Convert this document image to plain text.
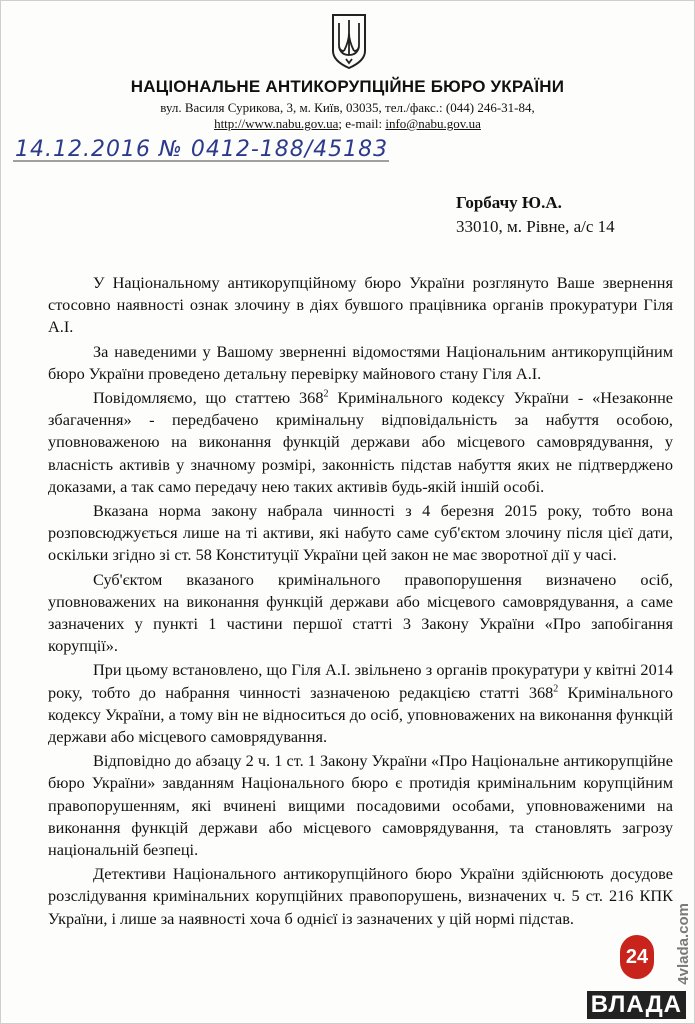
НАЦІОНАЛЬНЕ АНТИКОРУПЦІЙНЕ БЮРО УКРАЇНИ
вул. Василя Сурикова, 3, м. Київ, 03035, тел./факс.: (044) 246-31-84,
http://www.nabu.gov.ua; e-mail: info@nabu.gov.ua
14.12.2016 № 0412-188/45183
Горбачу Ю.А.
33010, м. Рівне, а/с 14

У Національному антикорупційному бюро України розглянуто Ваше звернення стосовно наявності ознак злочину в діях бувшого працівника органів прокуратури Гіля А.І.

За наведеними у Вашому зверненні відомостями Національним антикорупційним бюро України проведено детальну перевірку майнового стану Гіля А.І.

Повідомляємо, що статтею $368^2$ Кримінального кодексу України - «Незаконне збагачення» - передбачено кримінальну відповідальність за набуття особою, уповноваженою на виконання функцій держави або місцевого самоврядування, у власність активів у значному розмірі, законність підстав набуття яких не підтверджено доказами, а так само передачу нею таких активів будь-якій іншій особі.

Вказана норма закону набрала чинності з 4 березня 2015 року, тобто вона розповсюджується лише на ті активи, які набуто саме суб'єктом злочину після цієї дати, оскільки згідно зі ст. 58 Конституції України цей закон не має зворотної дії у часі.

Суб'єктом вказаного кримінального правопорушення визначено осіб, уповноважених на виконання функцій держави або місцевого самоврядування, а саме зазначених у пункті 1 частини першої статті 3 Закону України «Про запобігання корупції».

При цьому встановлено, що Гіля А.І. звільнено з органів прокуратури у квітні 2014 року, тобто до набрання чинності зазначеною редакцією статті $368^2$ Кримінального кодексу України, а тому він не відноситься до осіб, уповноважених на виконання функцій держави або місцевого самоврядування.

Відповідно до абзацу 2 ч. 1 ст. 1 Закону України «Про Національне антикорупційне бюро України» завданням Національного бюро є протидія кримінальним корупційним правопорушенням, які вчинені вищими посадовими особами, уповноваженими на виконання функцій держави або місцевого самоврядування, та становлять загрозу національній безпеці.

Детективи Національного антикорупційного бюро України здійснюють досудове розслідування кримінальних корупційних правопорушень, визначених ч. 5 ст. 216 КПК України, і лише за наявності хоча б однієї із зазначених у цій нормі підстав.	4vlada.com
24
ВЛАДА
